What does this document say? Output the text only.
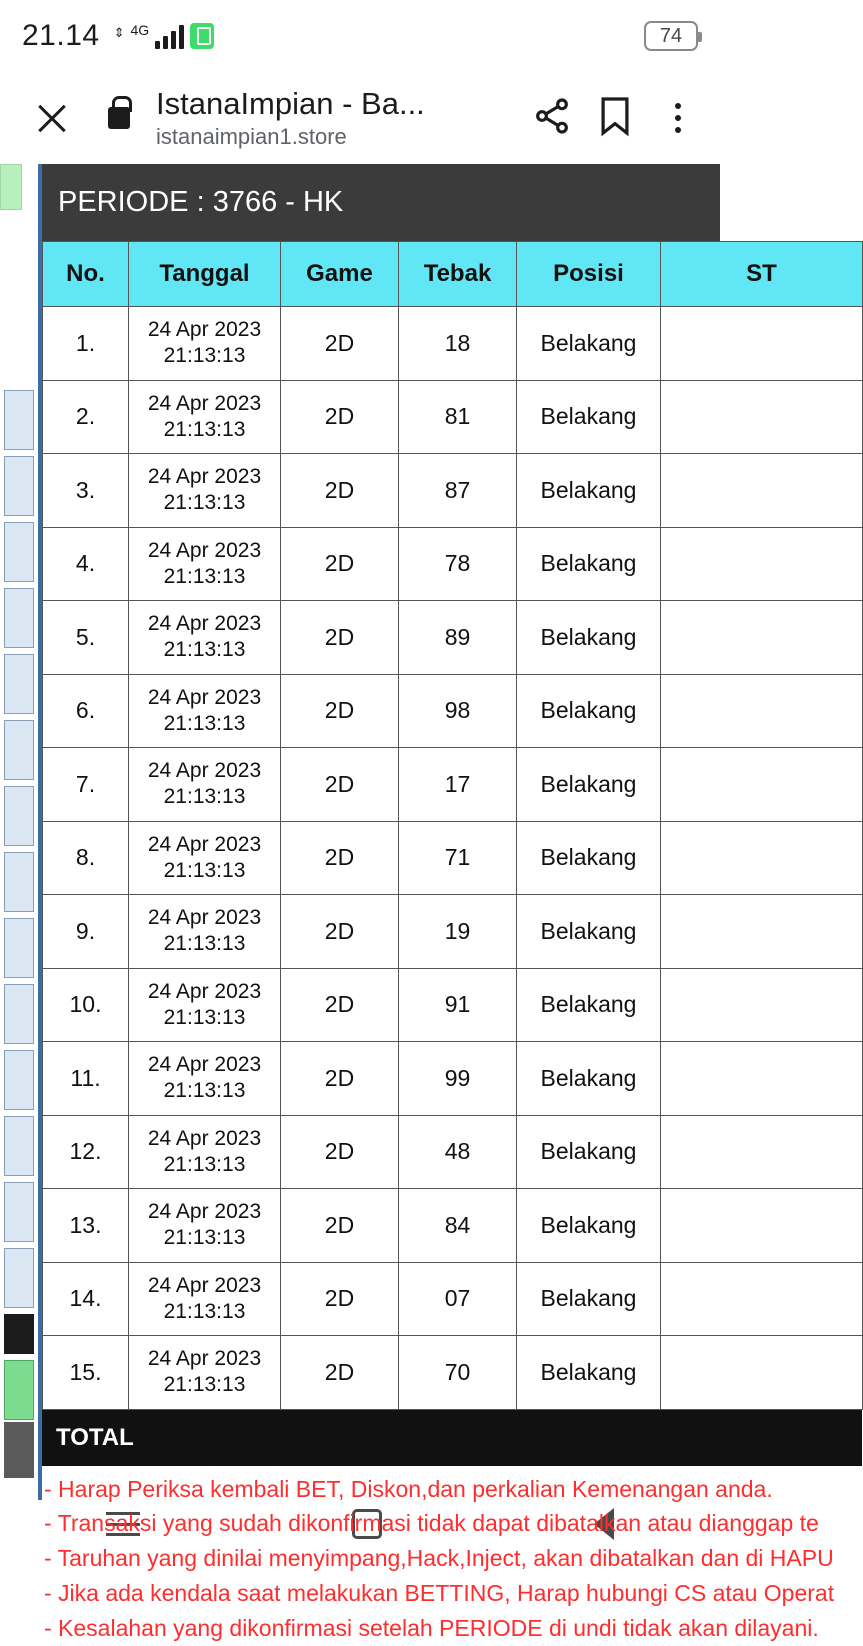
21.14 ⇕ 4G	74
IstanaImpian - Ba...
istanaimpian1.store
PERIODE : 3766 - HK
No.	Tanggal	Game	Tebak	Posisi	ST
1.	24 Apr 2023
21:13:13	2D	18	Belakang	
2.	24 Apr 2023
21:13:13	2D	81	Belakang	
3.	24 Apr 2023
21:13:13	2D	87	Belakang	
4.	24 Apr 2023
21:13:13	2D	78	Belakang	
5.	24 Apr 2023
21:13:13	2D	89	Belakang	
6.	24 Apr 2023
21:13:13	2D	98	Belakang	
7.	24 Apr 2023
21:13:13	2D	17	Belakang	
8.	24 Apr 2023
21:13:13	2D	71	Belakang	
9.	24 Apr 2023
21:13:13	2D	19	Belakang	
10.	24 Apr 2023
21:13:13	2D	91	Belakang	
11.	24 Apr 2023
21:13:13	2D	99	Belakang	
12.	24 Apr 2023
21:13:13	2D	48	Belakang	
13.	24 Apr 2023
21:13:13	2D	84	Belakang	
14.	24 Apr 2023
21:13:13	2D	07	Belakang	
15.	24 Apr 2023
21:13:13	2D	70	Belakang	
TOTAL
- Harap Periksa kembali BET, Diskon,dan perkalian Kemenangan anda.
- Transaksi yang sudah dikonfirmasi tidak dapat dibatalkan atau dianggap te
- Taruhan yang dinilai menyimpang,Hack,Inject, akan dibatalkan dan di HAPU
- Jika ada kendala saat melakukan BETTING, Harap hubungi CS atau Operat
- Kesalahan yang dikonfirmasi setelah PERIODE di undi tidak akan dilayani.
